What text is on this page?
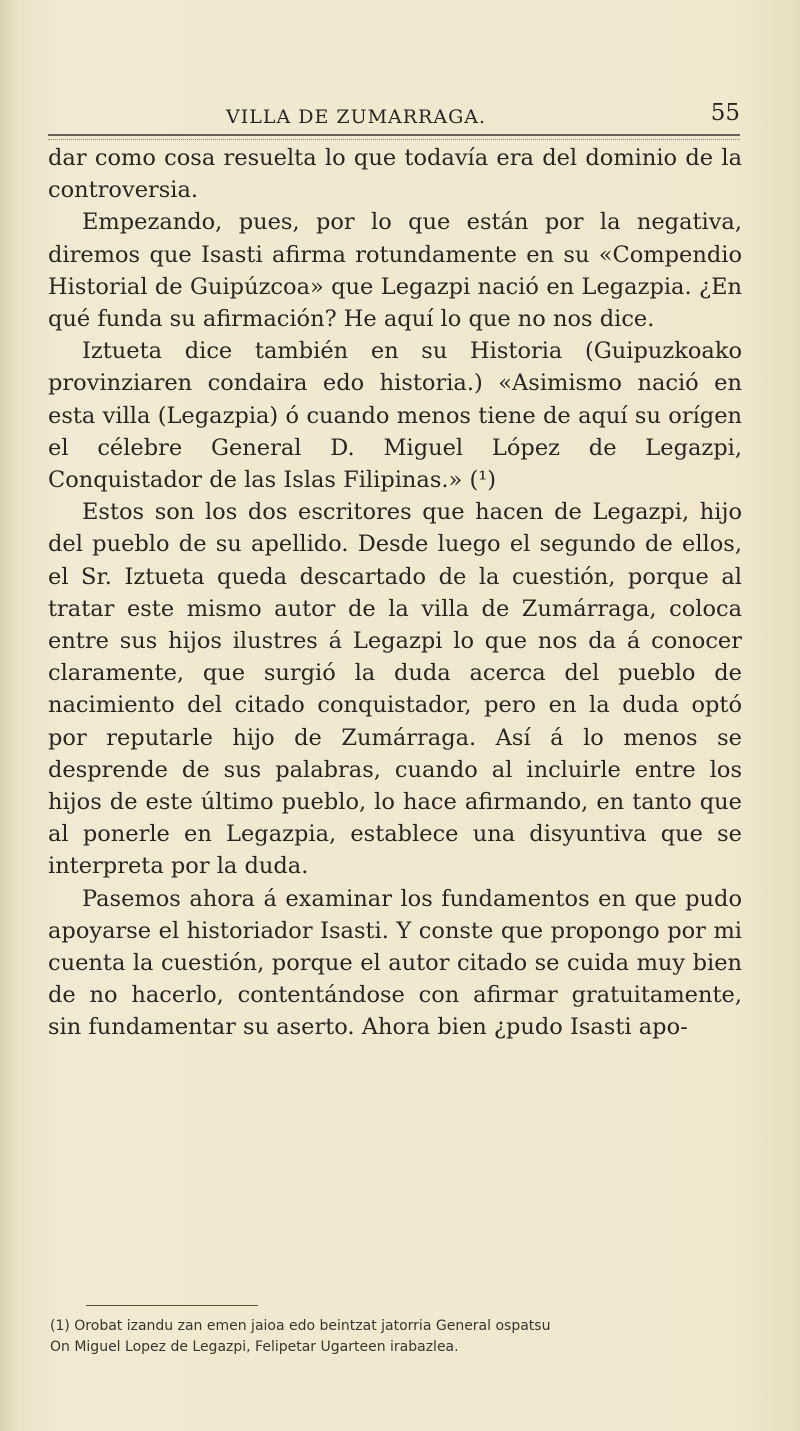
VILLA DE ZUMARRAGA.	55

dar como cosa resuelta lo que todavía era del dominio de la controversia.

Empezando, pues, por lo que están por la negativa, diremos que Isasti afirma rotundamente en su «Compendio Historial de Guipúzcoa» que Legazpi nació en Legazpia. ¿En qué funda su afirmación? He aquí lo que no nos dice.

Iztueta dice también en su Historia (Guipuzkoako provinziaren condaira edo historia.) «Asimismo nació en esta villa (Legazpia) ó cuando menos tiene de aquí su orígen el célebre General D. Miguel López de Legazpi, Conquistador de las Islas Filipinas.» (¹)

Estos son los dos escritores que hacen de Legazpi, hijo del pueblo de su apellido. Desde luego el segundo de ellos, el Sr. Iztueta queda descartado de la cuestión, porque al tratar este mismo autor de la villa de Zumárraga, coloca entre sus hijos ilustres á Legazpi lo que nos da á conocer claramente, que surgió la duda acerca del pueblo de nacimiento del citado conquistador, pero en la duda optó por reputarle hijo de Zumárraga. Así á lo menos se desprende de sus palabras, cuando al incluirle entre los hijos de este último pueblo, lo hace afirmando, en tanto que al ponerle en Legazpia, establece una disyuntiva que se interpreta por la duda.

Pasemos ahora á examinar los fundamentos en que pudo apoyarse el historiador Isasti. Y conste que propongo por mi cuenta la cuestión, porque el autor citado se cuida muy bien de no hacerlo, contentándose con afirmar gratuitamente, sin fundamentar su aserto. Ahora bien ¿pudo Isasti apo-

(1) Orobat izandu zan emen jaioa edo beintzat jatorria General ospatsu
On Miguel Lopez de Legazpi, Felipetar Ugarteen irabazlea.
